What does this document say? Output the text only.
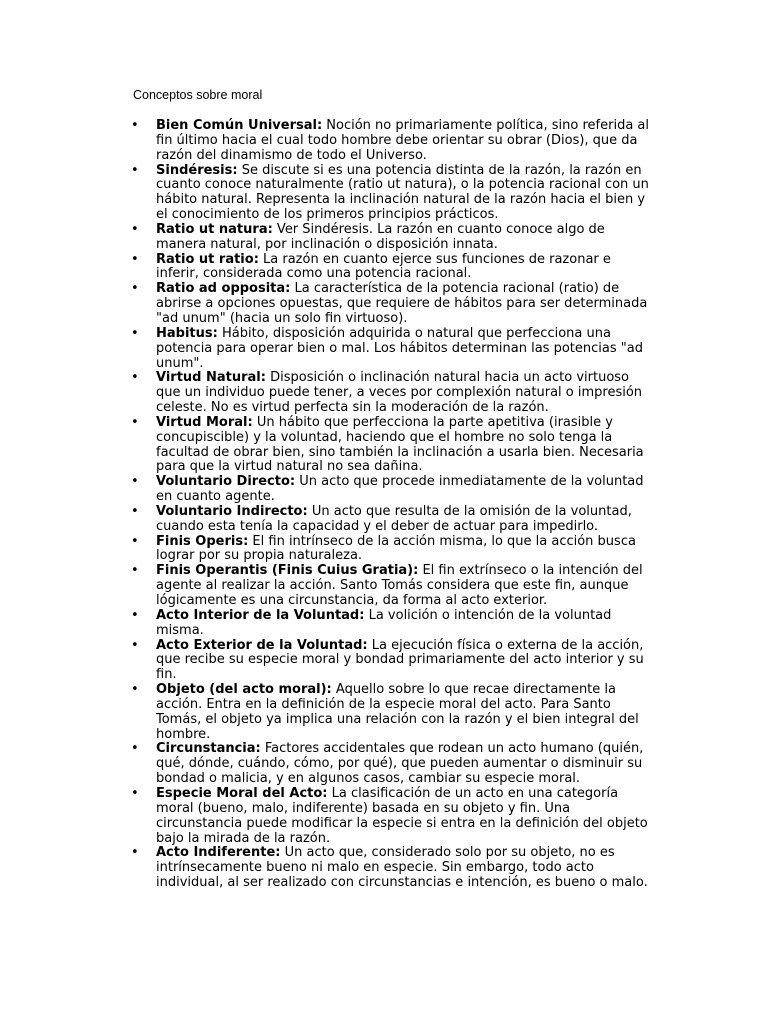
Conceptos sobre moral
• Bien Común Universal: Noción no primariamente política, sino referida al fin último hacia el cual todo hombre debe orientar su obrar (Dios), que da razón del dinamismo de todo el Universo.
• Sindéresis: Se discute si es una potencia distinta de la razón, la razón en cuanto conoce naturalmente (ratio ut natura), o la potencia racional con un hábito natural. Representa la inclinación natural de la razón hacia el bien y el conocimiento de los primeros principios prácticos.
• Ratio ut natura: Ver Sindéresis. La razón en cuanto conoce algo de manera natural, por inclinación o disposición innata.
• Ratio ut ratio: La razón en cuanto ejerce sus funciones de razonar e inferir, considerada como una potencia racional.
• Ratio ad opposita: La característica de la potencia racional (ratio) de abrirse a opciones opuestas, que requiere de hábitos para ser determinada "ad unum" (hacia un solo fin virtuoso).
• Habitus: Hábito, disposición adquirida o natural que perfecciona una potencia para operar bien o mal. Los hábitos determinan las potencias "ad unum".
• Virtud Natural: Disposición o inclinación natural hacia un acto virtuoso que un individuo puede tener, a veces por complexión natural o impresión celeste. No es virtud perfecta sin la moderación de la razón.
• Virtud Moral: Un hábito que perfecciona la parte apetitiva (irasible y concupiscible) y la voluntad, haciendo que el hombre no solo tenga la facultad de obrar bien, sino también la inclinación a usarla bien. Necesaria para que la virtud natural no sea dañina.
• Voluntario Directo: Un acto que procede inmediatamente de la voluntad en cuanto agente.
• Voluntario Indirecto: Un acto que resulta de la omisión de la voluntad, cuando esta tenía la capacidad y el deber de actuar para impedirlo.
• Finis Operis: El fin intrínseco de la acción misma, lo que la acción busca lograr por su propia naturaleza.
• Finis Operantis (Finis Cuius Gratia): El fin extrínseco o la intención del agente al realizar la acción. Santo Tomás considera que este fin, aunque lógicamente es una circunstancia, da forma al acto exterior.
• Acto Interior de la Voluntad: La volición o intención de la voluntad misma.
• Acto Exterior de la Voluntad: La ejecución física o externa de la acción, que recibe su especie moral y bondad primariamente del acto interior y su fin.
• Objeto (del acto moral): Aquello sobre lo que recae directamente la acción. Entra en la definición de la especie moral del acto. Para Santo Tomás, el objeto ya implica una relación con la razón y el bien integral del hombre.
• Circunstancia: Factores accidentales que rodean un acto humano (quién, qué, dónde, cuándo, cómo, por qué), que pueden aumentar o disminuir su bondad o malicia, y en algunos casos, cambiar su especie moral.
• Especie Moral del Acto: La clasificación de un acto en una categoría moral (bueno, malo, indiferente) basada en su objeto y fin. Una circunstancia puede modificar la especie si entra en la definición del objeto bajo la mirada de la razón.
• Acto Indiferente: Un acto que, considerado solo por su objeto, no es intrínsecamente bueno ni malo en especie. Sin embargo, todo acto individual, al ser realizado con circunstancias e intención, es bueno o malo.
